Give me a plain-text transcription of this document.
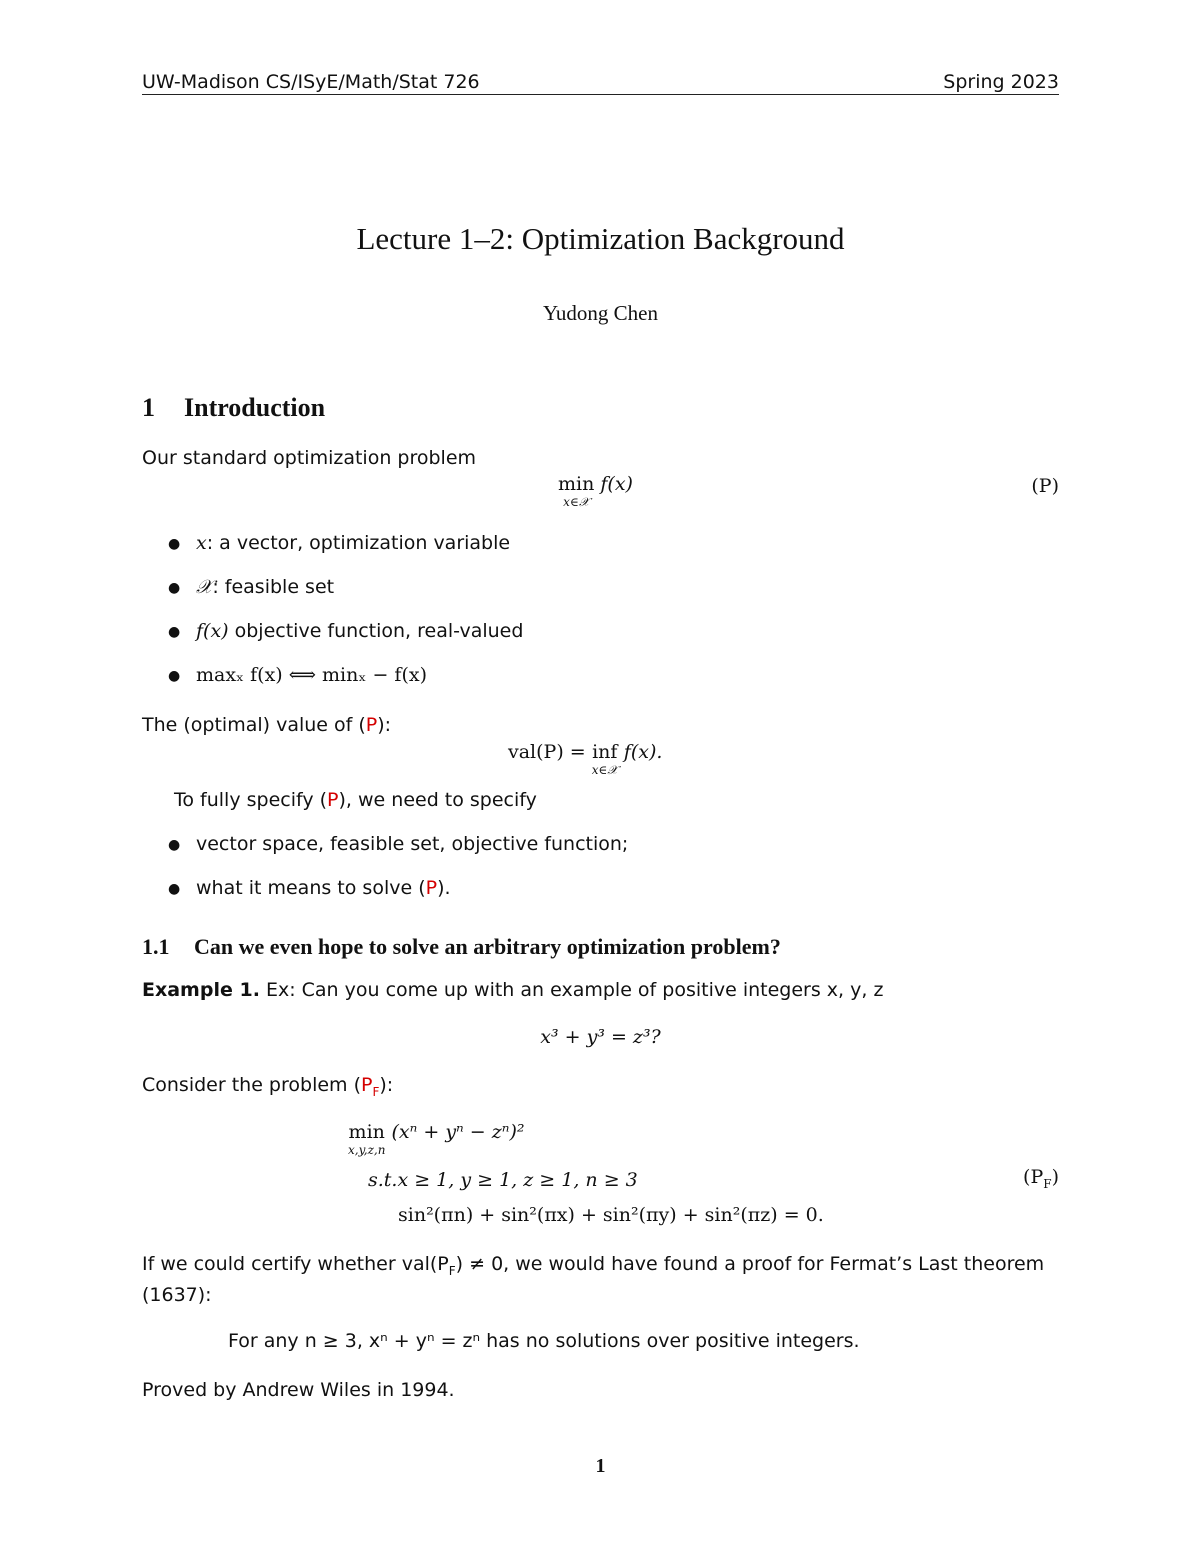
UW-Madison CS/ISyE/Math/Stat 726	Spring 2023
Lecture 1–2: Optimization Background
Yudong Chen
1 Introduction
Our standard optimization problem
min
x∈𝒳
f(x)	(P)
● x: a vector, optimization variable
● 𝒳: feasible set
● f(x) objective function, real-valued
● maxₓ f(x) ⟺ minₓ − f(x)
The (optimal) value of (P):
val(P) = inf
x∈𝒳
f(x).
To fully specify (P), we need to specify
● vector space, feasible set, objective function;
● what it means to solve (P).
1.1 Can we even hope to solve an arbitrary optimization problem?
Example 1. Ex: Can you come up with an example of positive integers x, y, z
x³ + y³ = z³?
Consider the problem $(P_F)$:
min
x,y,z,n
(xⁿ + yⁿ − zⁿ)²
s.t.x ≥ 1, y ≥ 1, z ≥ 1, n ≥ 3
sin²(πn) + sin²(πx) + sin²(πy) + sin²(πz) = 0.
$(P_F)$
If we could certify whether $val(P_F) \ne 0$, we would have found a proof for Fermat’s Last theorem
(1637):
For any n ≥ 3, xⁿ + yⁿ = zⁿ has no solutions over positive integers.
Proved by Andrew Wiles in 1994.
1
